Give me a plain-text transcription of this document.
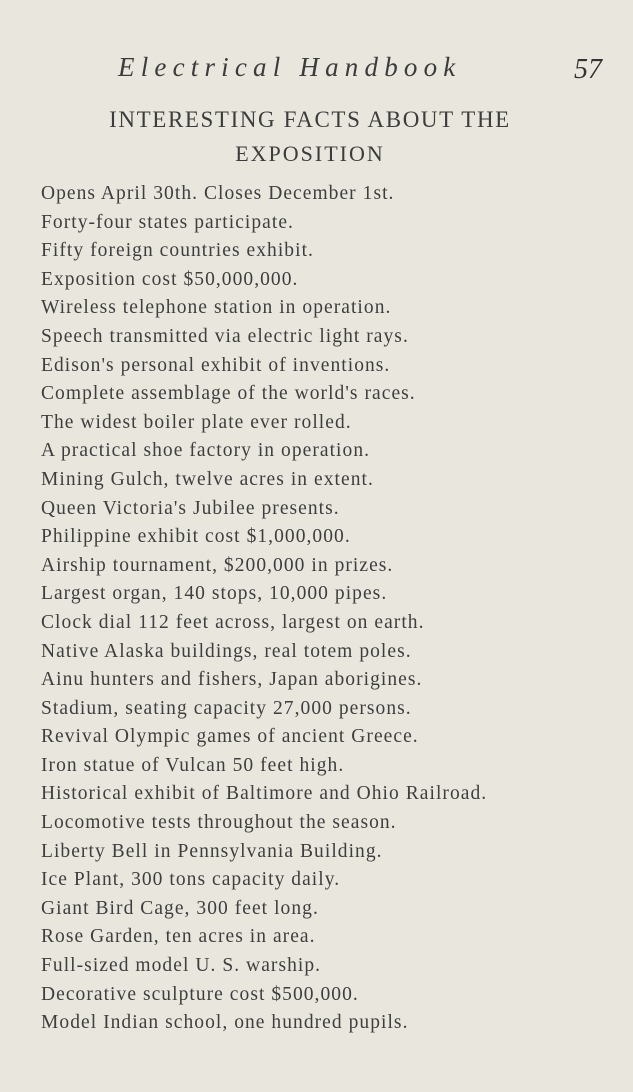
Electrical Handbook	57
INTERESTING FACTS ABOUT THE
EXPOSITION
Opens April 30th. Closes December 1st.
Forty-four states participate.
Fifty foreign countries exhibit.
Exposition cost $50,000,000.
Wireless telephone station in operation.
Speech transmitted via electric light rays.
Edison's personal exhibit of inventions.
Complete assemblage of the world's races.
The widest boiler plate ever rolled.
A practical shoe factory in operation.
Mining Gulch, twelve acres in extent.
Queen Victoria's Jubilee presents.
Philippine exhibit cost $1,000,000.
Airship tournament, $200,000 in prizes.
Largest organ, 140 stops, 10,000 pipes.
Clock dial 112 feet across, largest on earth.
Native Alaska buildings, real totem poles.
Ainu hunters and fishers, Japan aborigines.
Stadium, seating capacity 27,000 persons.
Revival Olympic games of ancient Greece.
Iron statue of Vulcan 50 feet high.
Historical exhibit of Baltimore and Ohio Railroad.
Locomotive tests throughout the season.
Liberty Bell in Pennsylvania Building.
Ice Plant, 300 tons capacity daily.
Giant Bird Cage, 300 feet long.
Rose Garden, ten acres in area.
Full-sized model U. S. warship.
Decorative sculpture cost $500,000.
Model Indian school, one hundred pupils.
